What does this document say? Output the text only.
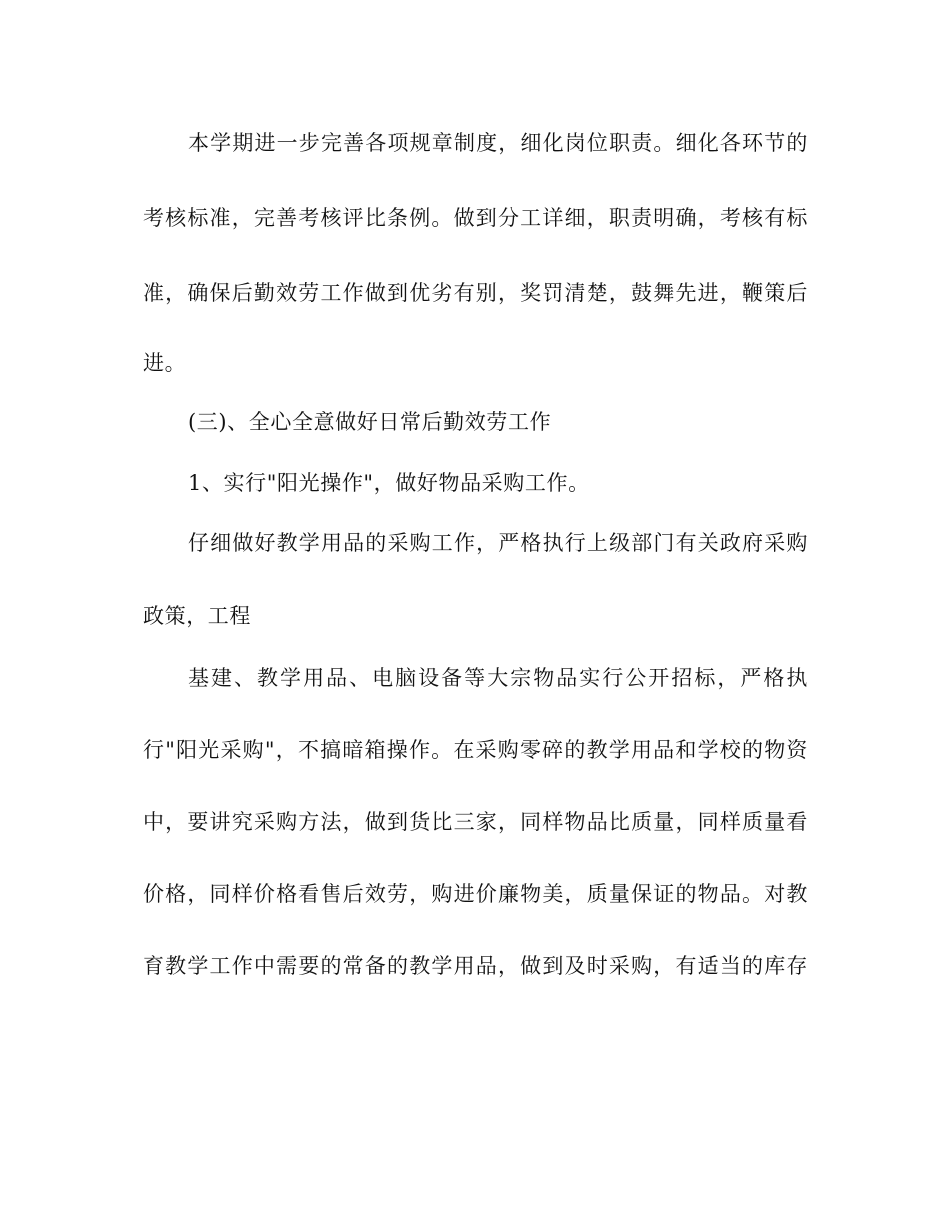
本学期进一步完善各项规章制度，细化岗位职责。细化各环节的
考核标准，完善考核评比条例。做到分工详细，职责明确，考核有标
准，确保后勤效劳工作做到优劣有别，奖罚清楚，鼓舞先进，鞭策后
进。
(三)、全心全意做好日常后勤效劳工作
1、实行"阳光操作"，做好物品采购工作。
仔细做好教学用品的采购工作，严格执行上级部门有关政府采购
政策，工程
基建、教学用品、电脑设备等大宗物品实行公开招标，严格执
行"阳光采购"，不搞暗箱操作。在采购零碎的教学用品和学校的物资
中，要讲究采购方法，做到货比三家，同样物品比质量，同样质量看
价格，同样价格看售后效劳，购进价廉物美，质量保证的物品。对教
育教学工作中需要的常备的教学用品，做到及时采购，有适当的库存
